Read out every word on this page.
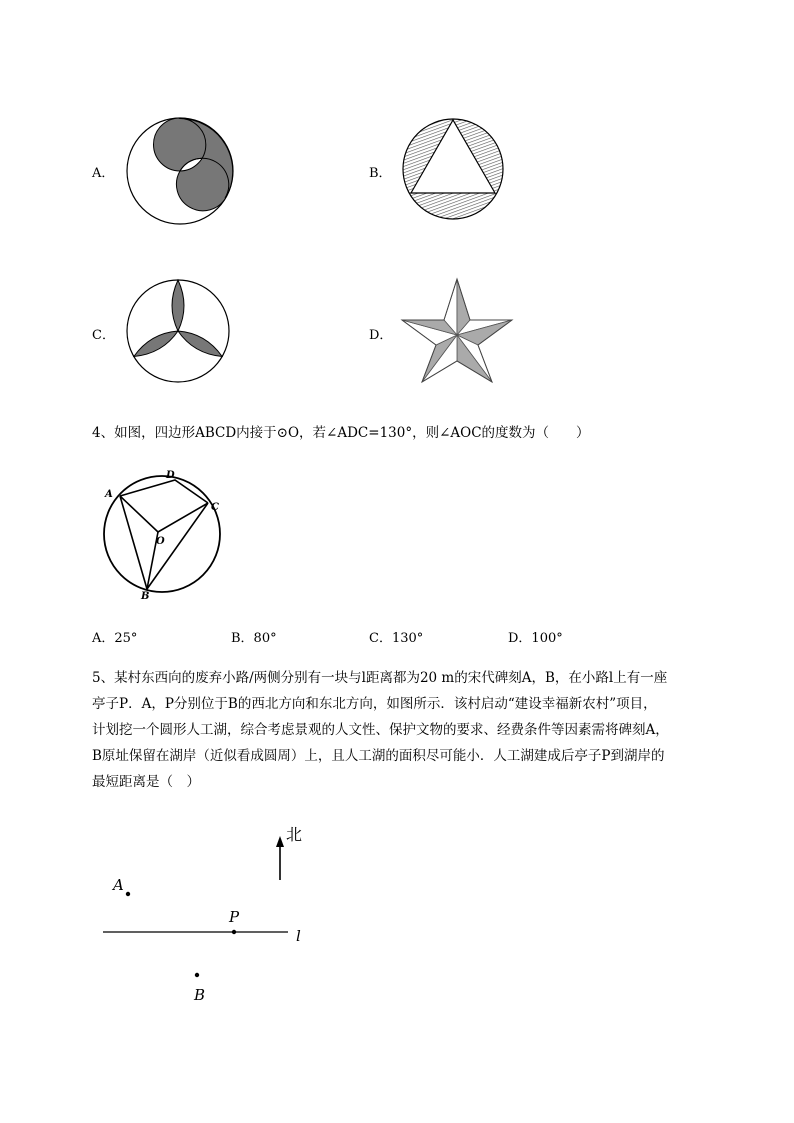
A．	B．
C．	D．
4、如图，四边形ABCD内接于⊙O，若∠ADC=130°，则∠AOC的度数为（　　）
A
D
C
O
B
A．25°	B．80°	C．130°	D．100°
5、某村东西向的废弃小路/两侧分别有一块与l距离都为20 m的宋代碑刻A，B，在小路l上有一座
亭子P．A，P分别位于B的西北方向和东北方向，如图所示．该村启动“建设幸福新农村”项目，
计划挖一个圆形人工湖，综合考虑景观的人文性、保护文物的要求、经费条件等因素需将碑刻A，
B原址保留在湖岸（近似看成圆周）上，且人工湖的面积尽可能小．人工湖建成后亭子P到湖岸的
最短距离是（　）
北
l
A
P
B
